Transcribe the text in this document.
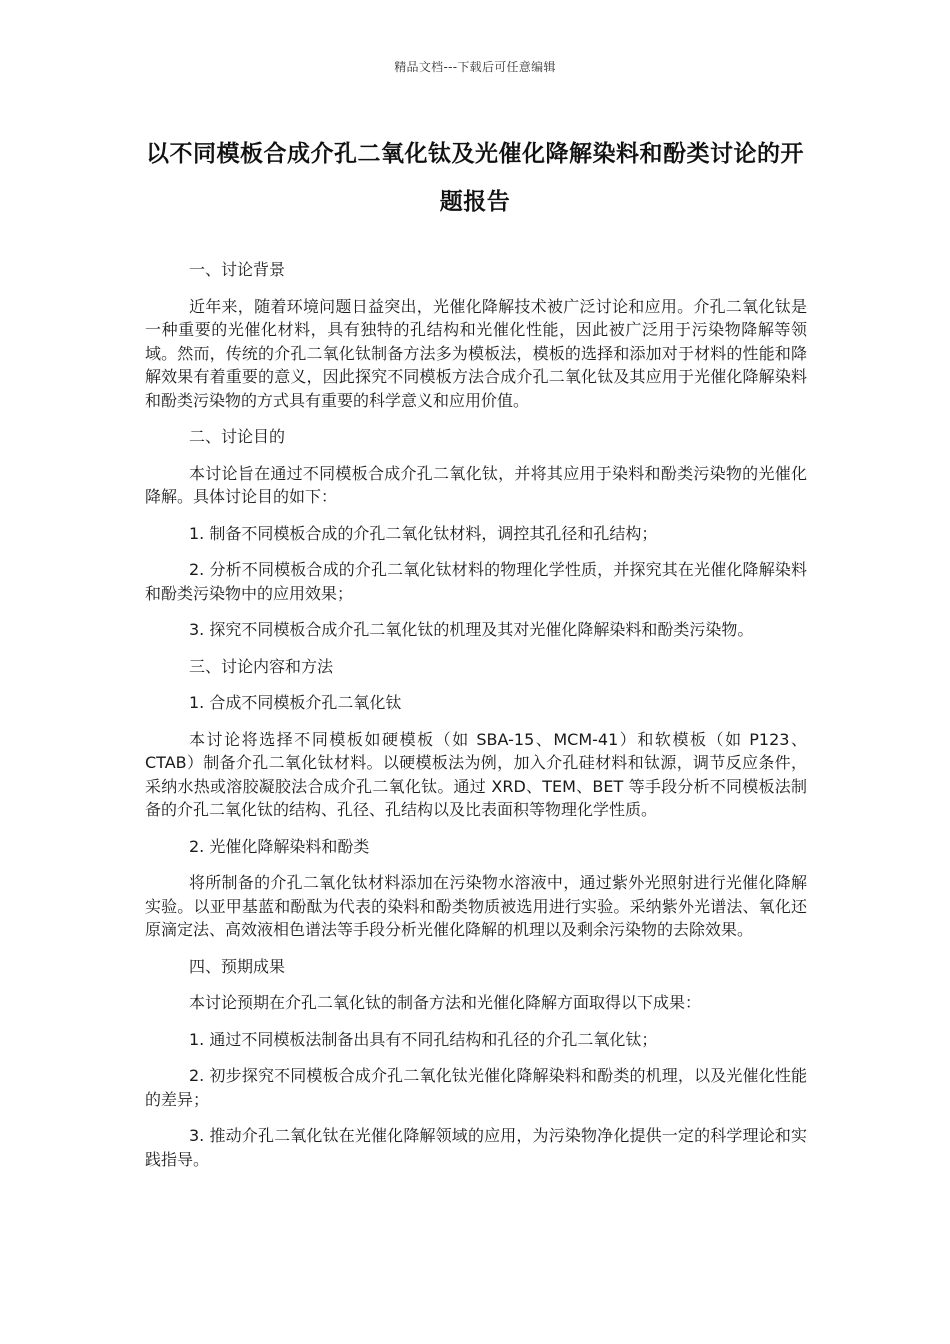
精品文档---下载后可任意编辑
以不同模板合成介孔二氧化钛及光催化降解染料和酚类讨论的开题报告

一、讨论背景

近年来，随着环境问题日益突出，光催化降解技术被广泛讨论和应用。介孔二氧化钛是一种重要的光催化材料，具有独特的孔结构和光催化性能，因此被广泛用于污染物降解等领域。然而，传统的介孔二氧化钛制备方法多为模板法，模板的选择和添加对于材料的性能和降解效果有着重要的意义，因此探究不同模板方法合成介孔二氧化钛及其应用于光催化降解染料和酚类污染物的方式具有重要的科学意义和应用价值。

二、讨论目的

本讨论旨在通过不同模板合成介孔二氧化钛，并将其应用于染料和酚类污染物的光催化降解。具体讨论目的如下：

1. 制备不同模板合成的介孔二氧化钛材料，调控其孔径和孔结构；

2. 分析不同模板合成的介孔二氧化钛材料的物理化学性质，并探究其在光催化降解染料和酚类污染物中的应用效果；

3. 探究不同模板合成介孔二氧化钛的机理及其对光催化降解染料和酚类污染物。

三、讨论内容和方法

1. 合成不同模板介孔二氧化钛

本讨论将选择不同模板如硬模板（如 SBA-15、MCM-41）和软模板（如 P123、CTAB）制备介孔二氧化钛材料。以硬模板法为例，加入介孔硅材料和钛源，调节反应条件，采纳水热或溶胶凝胶法合成介孔二氧化钛。通过 XRD、TEM、BET 等手段分析不同模板法制备的介孔二氧化钛的结构、孔径、孔结构以及比表面积等物理化学性质。

2. 光催化降解染料和酚类

将所制备的介孔二氧化钛材料添加在污染物水溶液中，通过紫外光照射进行光催化降解实验。以亚甲基蓝和酚酞为代表的染料和酚类物质被选用进行实验。采纳紫外光谱法、氧化还原滴定法、高效液相色谱法等手段分析光催化降解的机理以及剩余污染物的去除效果。

四、预期成果

本讨论预期在介孔二氧化钛的制备方法和光催化降解方面取得以下成果：

1. 通过不同模板法制备出具有不同孔结构和孔径的介孔二氧化钛；

2. 初步探究不同模板合成介孔二氧化钛光催化降解染料和酚类的机理，以及光催化性能的差异；

3. 推动介孔二氧化钛在光催化降解领域的应用，为污染物净化提供一定的科学理论和实践指导。
